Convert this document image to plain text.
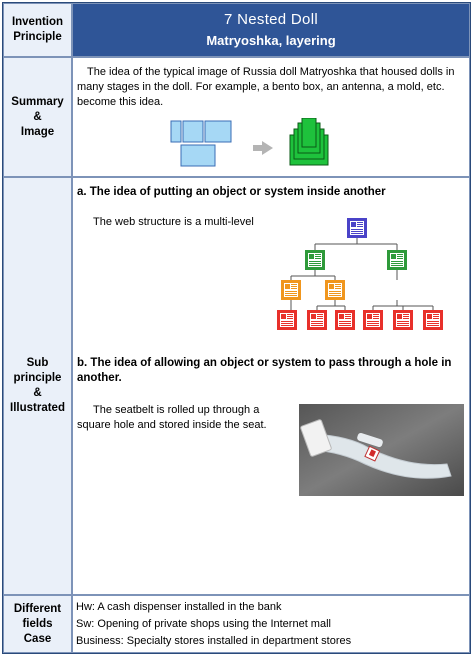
Invention
Principle
7 Nested Doll
Matryoshka, layering
Summary
&
Image
The idea of the typical image of Russia doll Matryoshka that housed dolls in many stages in the doll. For example, a bento box, an antenna, a mold, etc. become this idea.
Sub
principle
&
Illustrated
a. The idea of putting an object or system inside another
The web structure is a multi-level
b. The idea of allowing an object or system to pass through a hole in another.
The seatbelt is rolled up through a square hole and stored inside the seat.
Different
fields
Case
Hw: A cash dispenser installed in the bank
Sw: Opening of private shops using the Internet mall
Business: Specialty stores installed in department stores
